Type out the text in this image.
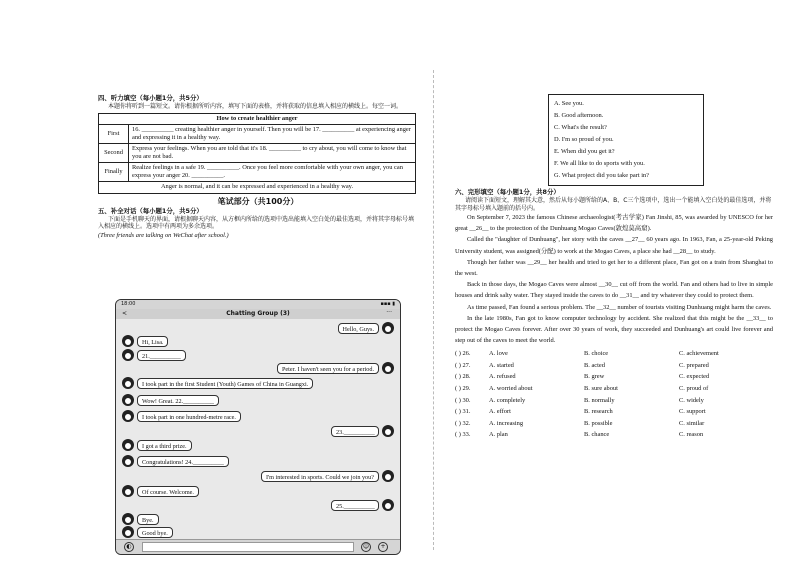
四、听力填空（每小题1分，共5分）
本题你将听到一篇短文。请你根据所听内容，填写下面的表格，并将获取的信息填入相应的横线上。每空一词。
How to create healthier anger	
First	16. __________ creating healthier anger in yourself. Then you will be 17. __________ at experiencing anger and expressing it in a healthy way.
Second	Express your feelings. When you are told that it's 18. __________ to cry about, you will come to know that you are not bad.
Finally	Realize feelings in a safe 19. __________. Once you feel more comfortable with your own anger, you can express your anger 20. __________.
Anger is normal, and it can be expressed and experienced in a healthy way.	
笔试部分（共100分）
五、补全对话（每小题1分，共5分）
下面是手机聊天的界面，请根据聊天内容，从方框内所给的选项中选出能填入空白处的最佳选项，并将其字母标号填入相应的横线上。选项中有两项为多余选项。
(Three friends are talking on WeChat after school.)
18:00	▪▪▪ ▮
<	Chatting Group (3)	···
Hello, Guys.
Hi, Lisa.
21.__________
Peter. I haven't seen you for a period.
I took part in the first Student (Youth) Games of China in Guangxi.
Wow! Great. 22.__________
I took part in one hundred-metre race.
23.__________
I got a third prize.
Congratulations! 24.__________
I'm interested in sports. Could we join you?
Of course. Welcome.
25.__________
Bye.
Good bye.
◐	☺	+
A. See you.
B. Good afternoon.
C. What's the result?
D. I'm so proud of you.
E. When did you get it?
F. We all like to do sports with you.
G. What project did you take part in?
六、完形填空（每小题1分，共8分）
请阅读下面短文，理解其大意，然后从每小题所给的A、B、C三个选项中，选出一个能填入空白处的最佳选项，并将其字母标号填入题前的括号内。
On September 7, 2023 the famous Chinese archaeologist(考古学家) Fan Jinshi, 85, was awarded by UNESCO for her great __26__ to the protection of the Dunhuang Mogao Caves(敦煌莫高窟).
Called the "daughter of Dunhuang", her story with the caves __27__ 60 years ago. In 1963, Fan, a 25-year-old Peking University student, was assigned(分配) to work at the Mogao Caves, a place she had __28__ to study.
Though her father was __29__ her health and tried to get her to a different place, Fan got on a train from Shanghai to the west.
Back in those days, the Mogao Caves were almost __30__ cut off from the world. Fan and others had to live in simple houses and drink salty water. They stayed inside the caves to do __31__ and try whatever they could to protect them.
As time passed, Fan found a serious problem. The __32__ number of tourists visiting Dunhuang might harm the caves.
In the late 1980s, Fan got to know computer technology by accident. She realized that this might be the __33__ to protect the Mogao Caves forever. After over 30 years of work, they succeeded and Dunhuang's art could live forever and step out of the caves to meet the world.
( ) 26.	A. love	B. choice	C. achievement
( ) 27.	A. started	B. acted	C. prepared
( ) 28.	A. refused	B. grew	C. expected
( ) 29.	A. worried about	B. sure about	C. proud of
( ) 30.	A. completely	B. normally	C. widely
( ) 31.	A. effort	B. research	C. support
( ) 32.	A. increasing	B. possible	C. similar
( ) 33.	A. plan	B. chance	C. reason
